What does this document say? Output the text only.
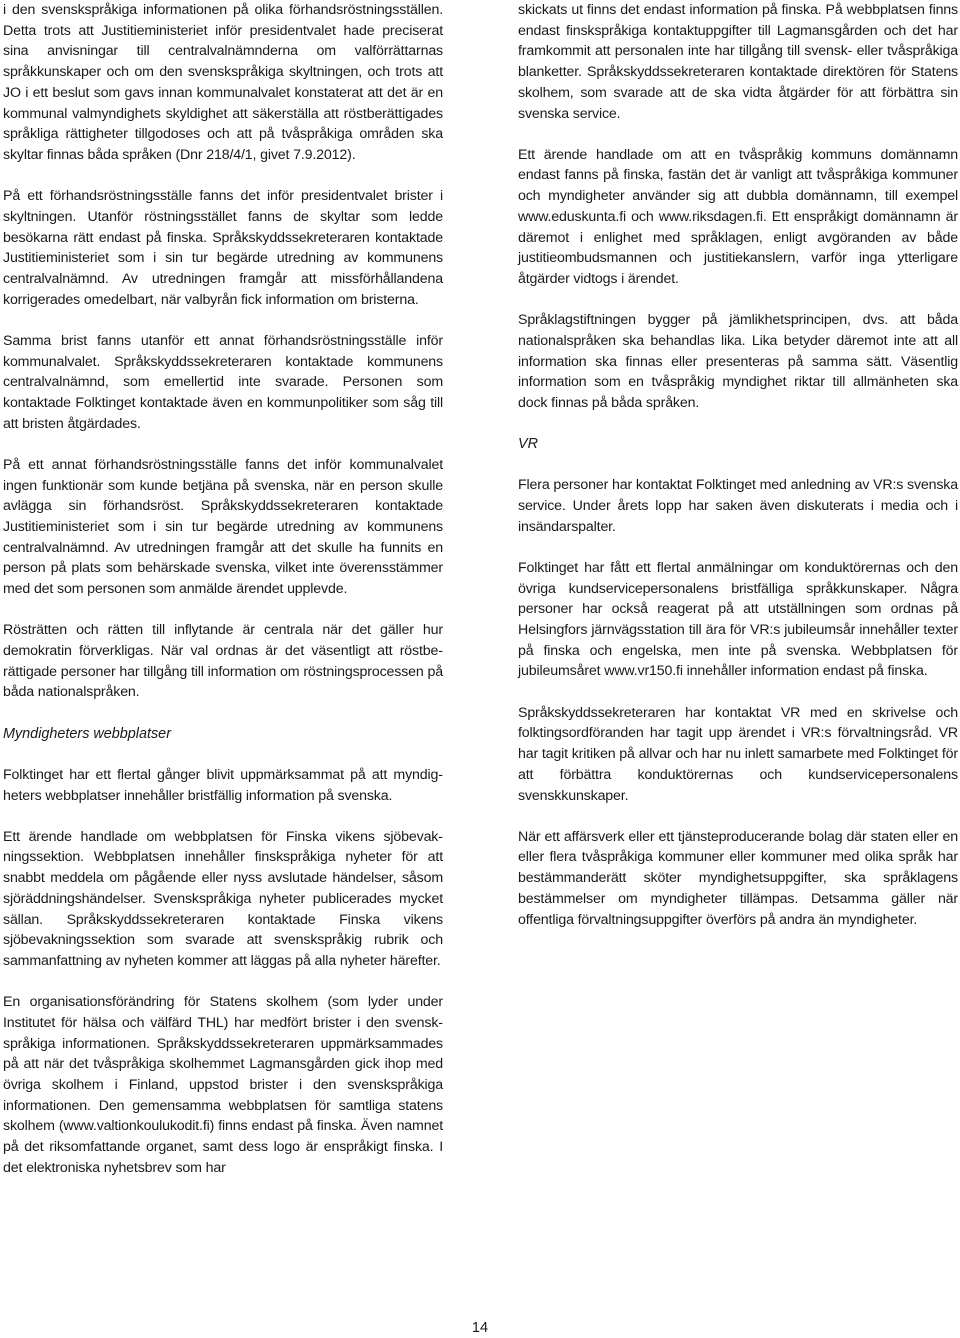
i den svenskspråkiga informationen på olika förhandsröstningsställen. Detta trots att Justitieministeriet inför presidentvalet hade preciserat sina anvisningar till centralvalnämnderna om valförrättarnas språkkunskaper och om den svenskspråkiga skyltningen, och trots att JO i ett beslut som gavs innan kommunalvalet konstaterat att det är en kommunal valmyndighets skyldighet att säkerställa att röstberättigades språkliga rättigheter tillgodoses och att på tvåspråkiga områden ska skyltar finnas båda språken (Dnr 218/4/1, givet 7.9.2012).

På ett förhandsröstningsställe fanns det inför presidentvalet brister i skyltningen. Utanför röstningsstället fanns de skyltar som ledde besökarna rätt endast på finska. Språkskyddssekreteraren kontaktade Justitieministeriet som i sin tur begärde utredning av kommunens centralvalnämnd. Av utredningen framgår att missförhållandena korrigerades omedelbart, när valbyrån fick information om bristerna.

Samma brist fanns utanför ett annat förhandsröstningsställe inför kommunalvalet. Språkskyddssekreteraren kontaktade kommunens centralvalnämnd, som emellertid inte svarade. Personen som kontaktade Folktinget kontaktade även en kommunpolitiker som såg till att bristen åtgärdades.

På ett annat förhandsröstningsställe fanns det inför kommunalvalet ingen funktionär som kunde betjäna på svenska, när en person skulle avlägga sin förhandsröst. Språkskyddssekreteraren kontaktade Justitieministeriet som i sin tur begärde utredning av kommunens centralvalnämnd. Av utredningen framgår att det skulle ha funnits en person på plats som behärskade svenska, vilket inte överensstämmer med det som personen som anmälde ärendet upplevde.

Rösträtten och rätten till inflytande är centrala när det gäller hur demokratin förverkligas. När val ordnas är det väsentligt att röstberättigade personer har tillgång till information om röstningsprocessen på båda nationalspråken.

Myndigheters webbplatser

Folktinget har ett flertal gånger blivit uppmärksammat på att myndigheters webbplatser innehåller bristfällig information på svenska.

Ett ärende handlade om webbplatsen för Finska vikens sjöbevakningssektion. Webbplatsen innehåller finskspråkiga nyheter för att snabbt meddela om pågående eller nyss avslutade händelser, såsom sjöräddningshändelser. Svenskspråkiga nyheter publicerades mycket sällan. Språkskyddssekreteraren kontaktade Finska vikens sjöbevakningssektion som svarade att svenskspråkig rubrik och sammanfattning av nyheten kommer att läggas på alla nyheter härefter.

En organisationsförändring för Statens skolhem (som lyder under Institutet för hälsa och välfärd THL) har medfört brister i den svenskspråkiga informationen. Språkskyddssekreteraren uppmärksammades på att när det tvåspråkiga skolhemmet Lagmansgården gick ihop med övriga skolhem i Finland, uppstod brister i den svenskspråkiga informationen. Den gemensamma webbplatsen för samtliga statens skolhem (www.valtionkoulukodit.fi) finns endast på finska. Även namnet på det riksomfattande organet, samt dess logo är enspråkigt finska. I det elektroniska nyhetsbrev som har

skickats ut finns det endast information på finska. På webbplatsen finns endast finskspråkiga kontaktuppgifter till Lagmansgården och det har framkommit att personalen inte har tillgång till svensk- eller tvåspråkiga blanketter. Språkskyddssekreteraren kontaktade direktören för Statens skolhem, som svarade att de ska vidta åtgärder för att förbättra sin svenska service.

Ett ärende handlade om att en tvåspråkig kommuns domännamn endast fanns på finska, fastän det är vanligt att tvåspråkiga kommuner och myndigheter använder sig att dubbla domännamn, till exempel www.eduskunta.fi och www.riksdagen.fi. Ett enspråkigt domännamn är däremot i enlighet med språklagen, enligt avgöranden av både justitieombudsmannen och justitiekanslern, varför inga ytterligare åtgärder vidtogs i ärendet.

Språklagstiftningen bygger på jämlikhetsprincipen, dvs. att båda nationalspråken ska behandlas lika. Lika betyder däremot inte att all information ska finnas eller presenteras på samma sätt. Väsentlig information som en tvåspråkig myndighet riktar till allmänheten ska dock finnas på båda språken.

VR

Flera personer har kontaktat Folktinget med anledning av VR:s svenska service. Under årets lopp har saken även diskuterats i media och i insändarspalter.

Folktinget har fått ett flertal anmälningar om konduktörernas och den övriga kundservicepersonalens bristfälliga språkkunskaper. Några personer har också reagerat på att utställningen som ordnas på Helsingfors järnvägsstation till ära för VR:s jubileumsår innehåller texter på finska och engelska, men inte på svenska. Webbplatsen för jubileumsåret www.vr150.fi innehåller information endast på finska.

Språkskyddssekreteraren har kontaktat VR med en skrivelse och folktingsordföranden har tagit upp ärendet i VR:s förvaltningsråd. VR har tagit kritiken på allvar och har nu inlett samarbete med Folktinget för att förbättra konduktörernas och kundservicepersonalens svenskkunskaper.

När ett affärsverk eller ett tjänsteproducerande bolag där staten eller en eller flera tvåspråkiga kommuner eller kommuner med olika språk har bestämmanderätt sköter myndighetsuppgifter, ska språklagens bestämmelser om myndigheter tillämpas. Detsamma gäller när offentliga förvaltningsuppgifter överförs på andra än myndigheter.

14
